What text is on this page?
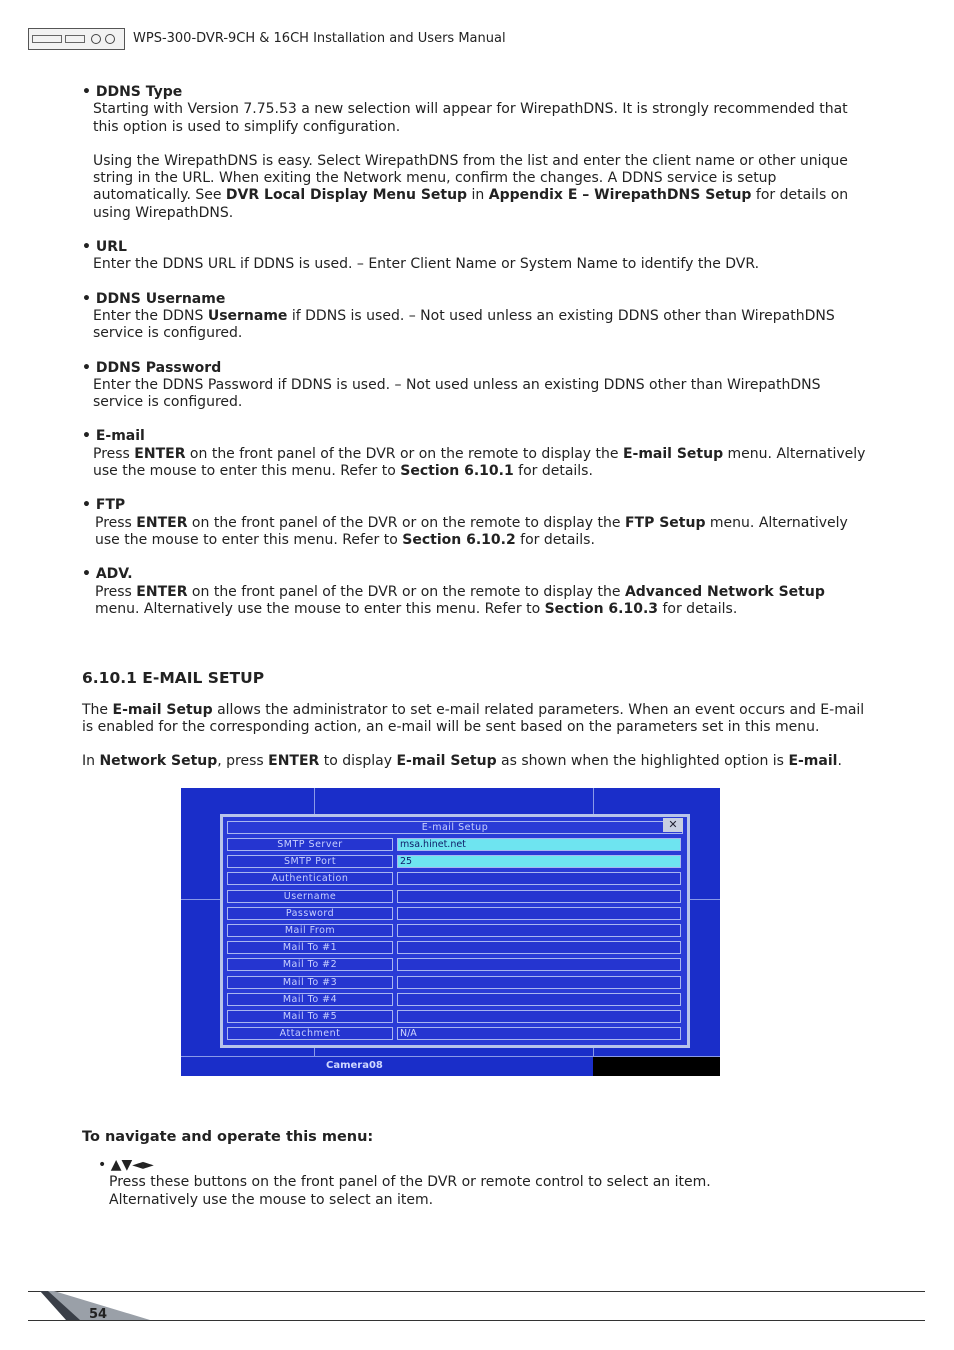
WPS-300-DVR-9CH & 16CH Installation and Users Manual
• DDNS Type

Starting with Version 7.75.53 a new selection will appear for WirepathDNS. It is strongly recommended that this option is used to simplify configuration.

Using the WirepathDNS is easy. Select WirepathDNS from the list and enter the client name or other unique string in the URL. When exiting the Network menu, confirm the changes. A DDNS service is setup automatically. See DVR Local Display Menu Setup in Appendix E – WirepathDNS Setup for details on using WirepathDNS.

• URL

Enter the DDNS URL if DDNS is used. – Enter Client Name or System Name to identify the DVR.

• DDNS Username

Enter the DDNS Username if DDNS is used. – Not used unless an existing DDNS other than WirepathDNS service is configured.

• DDNS Password

Enter the DDNS Password if DDNS is used. – Not used unless an existing DDNS other than WirepathDNS service is configured.

• E-mail

Press ENTER on the front panel of the DVR or on the remote to display the E-mail Setup menu. Alternatively use the mouse to enter this menu. Refer to Section 6.10.1 for details.

• FTP

Press ENTER on the front panel of the DVR or on the remote to display the FTP Setup menu. Alternatively use the mouse to enter this menu. Refer to Section 6.10.2 for details.

• ADV.

Press ENTER on the front panel of the DVR or on the remote to display the Advanced Network Setup menu. Alternatively use the mouse to enter this menu. Refer to Section 6.10.3 for details.

6.10.1 E-MAIL SETUP
The E-mail Setup allows the administrator to set e-mail related parameters. When an event occurs and E-mail is enabled for the corresponding action, an e-mail will be sent based on the parameters set in this menu.
In Network Setup, press ENTER to display E-mail Setup as shown when the highlighted option is E-mail.
E-mail Setup	✕
SMTP Server	msa.hinet.net
SMTP Port	25
Authentication
Username
Password
Mail From
Mail To #1
Mail To #2
Mail To #3
Mail To #4
Mail To #5
Attachment	N/A
Camera08
To navigate and operate this menu:
• ▲▼◄►
Press these buttons on the front panel of the DVR or remote control to select an item.
Alternatively use the mouse to select an item.
54
